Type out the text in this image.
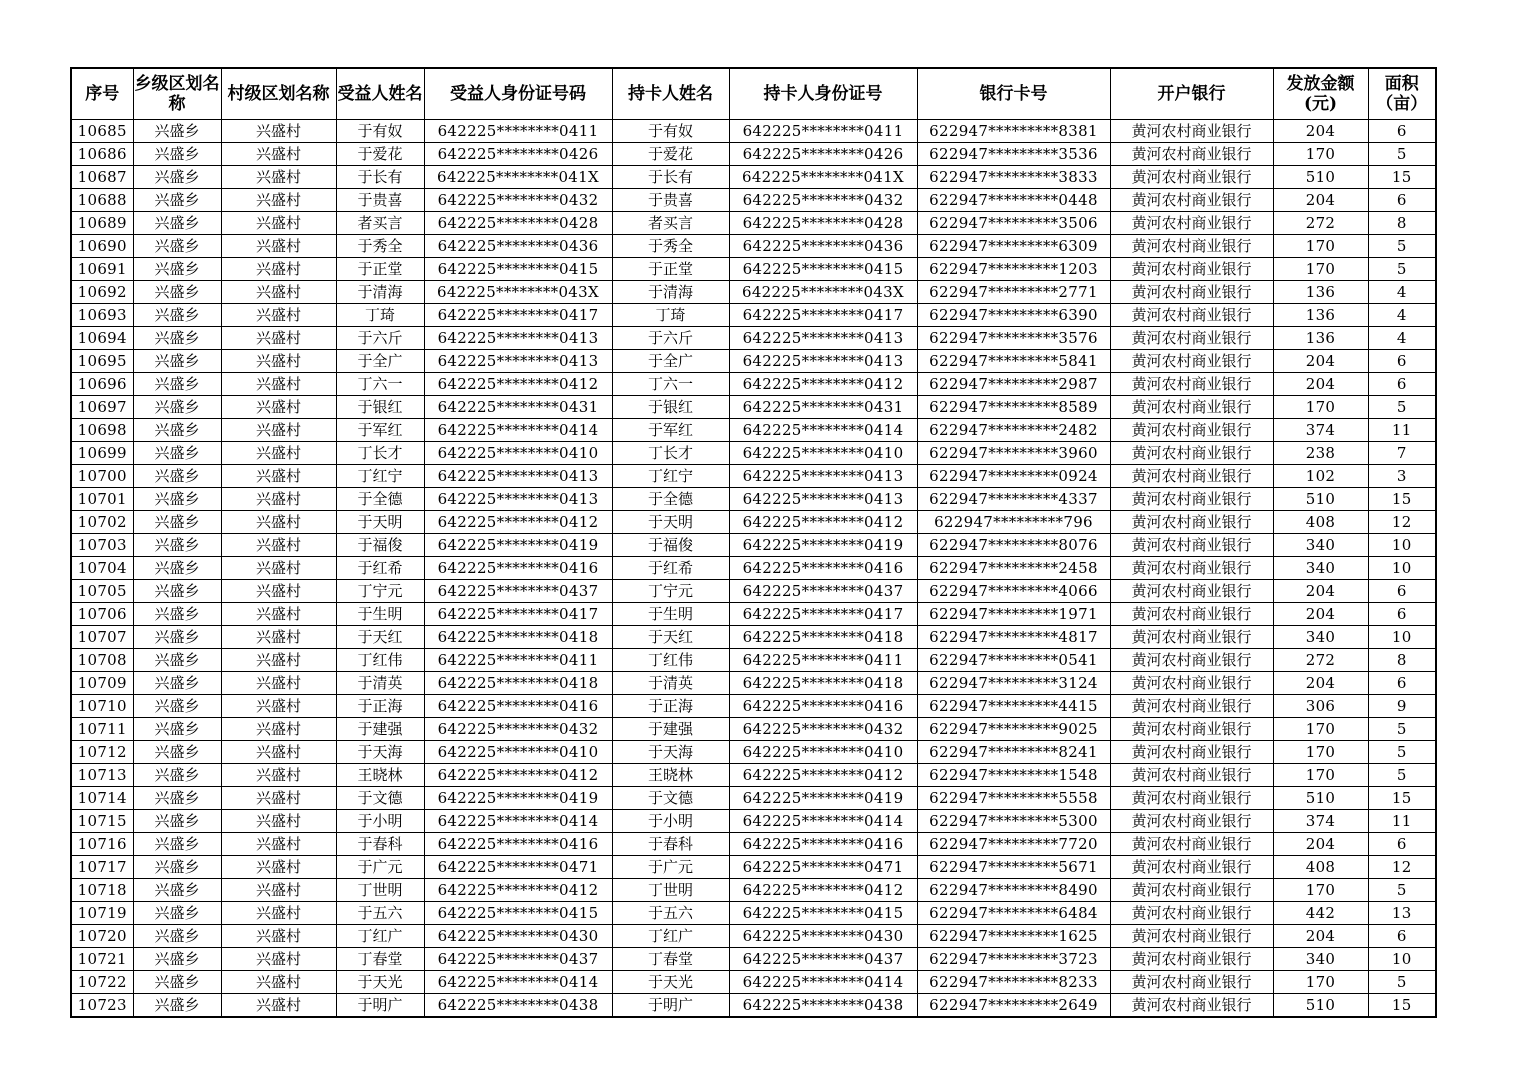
序号	乡级区划名称	村级区划名称	受益人姓名	受益人身份证号码	持卡人姓名	持卡人身份证号	银行卡号	开户银行	发放金额(元)	面积（亩）
10685	兴盛乡	兴盛村	于有奴	642225********0411	于有奴	642225********0411	622947*********8381	黄河农村商业银行	204	6
10686	兴盛乡	兴盛村	于爱花	642225********0426	于爱花	642225********0426	622947*********3536	黄河农村商业银行	170	5
10687	兴盛乡	兴盛村	于长有	642225********041X	于长有	642225********041X	622947*********3833	黄河农村商业银行	510	15
10688	兴盛乡	兴盛村	于贵喜	642225********0432	于贵喜	642225********0432	622947*********0448	黄河农村商业银行	204	6
10689	兴盛乡	兴盛村	者买言	642225********0428	者买言	642225********0428	622947*********3506	黄河农村商业银行	272	8
10690	兴盛乡	兴盛村	于秀全	642225********0436	于秀全	642225********0436	622947*********6309	黄河农村商业银行	170	5
10691	兴盛乡	兴盛村	于正堂	642225********0415	于正堂	642225********0415	622947*********1203	黄河农村商业银行	170	5
10692	兴盛乡	兴盛村	于清海	642225********043X	于清海	642225********043X	622947*********2771	黄河农村商业银行	136	4
10693	兴盛乡	兴盛村	丁琦	642225********0417	丁琦	642225********0417	622947*********6390	黄河农村商业银行	136	4
10694	兴盛乡	兴盛村	于六斤	642225********0413	于六斤	642225********0413	622947*********3576	黄河农村商业银行	136	4
10695	兴盛乡	兴盛村	于全广	642225********0413	于全广	642225********0413	622947*********5841	黄河农村商业银行	204	6
10696	兴盛乡	兴盛村	丁六一	642225********0412	丁六一	642225********0412	622947*********2987	黄河农村商业银行	204	6
10697	兴盛乡	兴盛村	于银红	642225********0431	于银红	642225********0431	622947*********8589	黄河农村商业银行	170	5
10698	兴盛乡	兴盛村	于军红	642225********0414	于军红	642225********0414	622947*********2482	黄河农村商业银行	374	11
10699	兴盛乡	兴盛村	丁长才	642225********0410	丁长才	642225********0410	622947*********3960	黄河农村商业银行	238	7
10700	兴盛乡	兴盛村	丁红宁	642225********0413	丁红宁	642225********0413	622947*********0924	黄河农村商业银行	102	3
10701	兴盛乡	兴盛村	于全德	642225********0413	于全德	642225********0413	622947*********4337	黄河农村商业银行	510	15
10702	兴盛乡	兴盛村	于天明	642225********0412	于天明	642225********0412	622947*********796	黄河农村商业银行	408	12
10703	兴盛乡	兴盛村	于福俊	642225********0419	于福俊	642225********0419	622947*********8076	黄河农村商业银行	340	10
10704	兴盛乡	兴盛村	于红希	642225********0416	于红希	642225********0416	622947*********2458	黄河农村商业银行	340	10
10705	兴盛乡	兴盛村	丁宁元	642225********0437	丁宁元	642225********0437	622947*********4066	黄河农村商业银行	204	6
10706	兴盛乡	兴盛村	于生明	642225********0417	于生明	642225********0417	622947*********1971	黄河农村商业银行	204	6
10707	兴盛乡	兴盛村	于天红	642225********0418	于天红	642225********0418	622947*********4817	黄河农村商业银行	340	10
10708	兴盛乡	兴盛村	丁红伟	642225********0411	丁红伟	642225********0411	622947*********0541	黄河农村商业银行	272	8
10709	兴盛乡	兴盛村	于清英	642225********0418	于清英	642225********0418	622947*********3124	黄河农村商业银行	204	6
10710	兴盛乡	兴盛村	于正海	642225********0416	于正海	642225********0416	622947*********4415	黄河农村商业银行	306	9
10711	兴盛乡	兴盛村	于建强	642225********0432	于建强	642225********0432	622947*********9025	黄河农村商业银行	170	5
10712	兴盛乡	兴盛村	于天海	642225********0410	于天海	642225********0410	622947*********8241	黄河农村商业银行	170	5
10713	兴盛乡	兴盛村	王晓林	642225********0412	王晓林	642225********0412	622947*********1548	黄河农村商业银行	170	5
10714	兴盛乡	兴盛村	于文德	642225********0419	于文德	642225********0419	622947*********5558	黄河农村商业银行	510	15
10715	兴盛乡	兴盛村	于小明	642225********0414	于小明	642225********0414	622947*********5300	黄河农村商业银行	374	11
10716	兴盛乡	兴盛村	于春科	642225********0416	于春科	642225********0416	622947*********7720	黄河农村商业银行	204	6
10717	兴盛乡	兴盛村	于广元	642225********0471	于广元	642225********0471	622947*********5671	黄河农村商业银行	408	12
10718	兴盛乡	兴盛村	丁世明	642225********0412	丁世明	642225********0412	622947*********8490	黄河农村商业银行	170	5
10719	兴盛乡	兴盛村	于五六	642225********0415	于五六	642225********0415	622947*********6484	黄河农村商业银行	442	13
10720	兴盛乡	兴盛村	丁红广	642225********0430	丁红广	642225********0430	622947*********1625	黄河农村商业银行	204	6
10721	兴盛乡	兴盛村	丁春堂	642225********0437	丁春堂	642225********0437	622947*********3723	黄河农村商业银行	340	10
10722	兴盛乡	兴盛村	于天光	642225********0414	于天光	642225********0414	622947*********8233	黄河农村商业银行	170	5
10723	兴盛乡	兴盛村	于明广	642225********0438	于明广	642225********0438	622947*********2649	黄河农村商业银行	510	15
